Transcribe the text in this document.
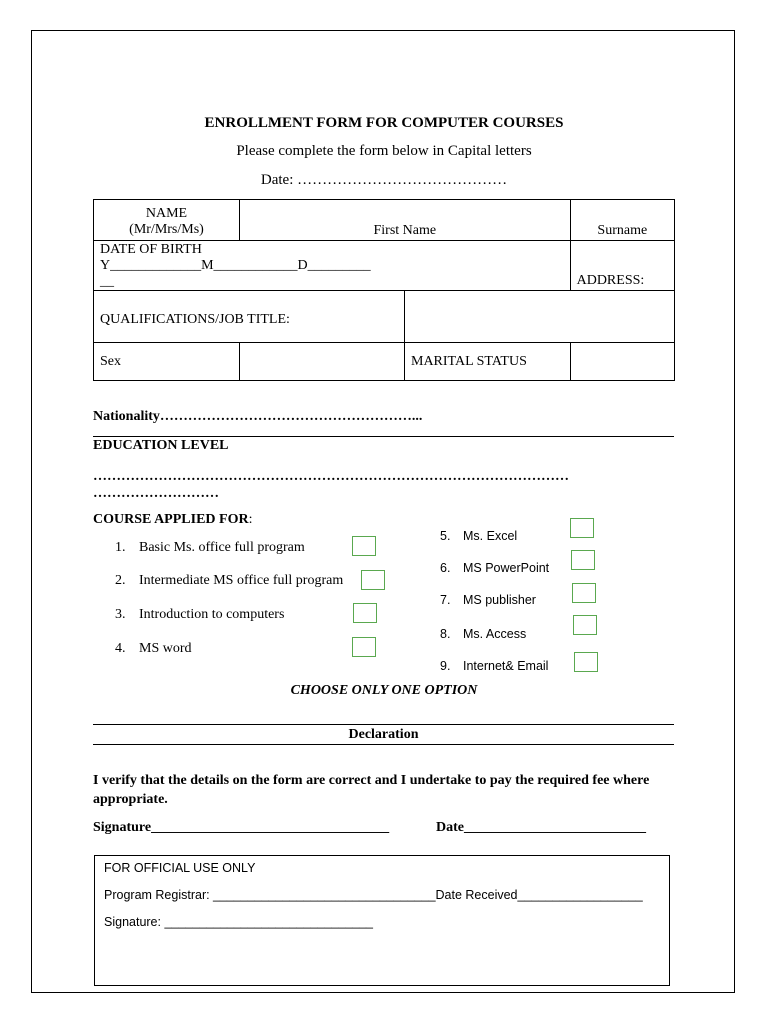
ENROLLMENT FORM FOR COMPUTER COURSES
Please complete the form below in Capital letters
Date: ……………………………………
NAME
(Mr/Mrs/Ms)	First Name		Surname

DATE OF BIRTH
Y_____________M____________D_________
__			ADDRESS:
QUALIFICATIONS/JOB TITLE:			
Sex		MARITAL STATUS	
Nationality………………………………………………...
EDUCATION LEVEL
…………………………………………………………………………………………
………………………
COURSE APPLIED FOR:
1. Basic Ms. office full program
2. Intermediate MS office full program
3. Introduction to computers
4. MS word
5. Ms. Excel
6. MS PowerPoint
7. MS publisher
8. Ms. Access
9. Internet& Email
CHOOSE ONLY ONE OPTION
Declaration
I verify that the details on the form are correct and I undertake to pay the required fee where appropriate.
Signature__________________________________	Date__________________________
FOR OFFICIAL USE ONLY
Program Registrar: ________________________________Date Received__________________
Signature: ______________________________
